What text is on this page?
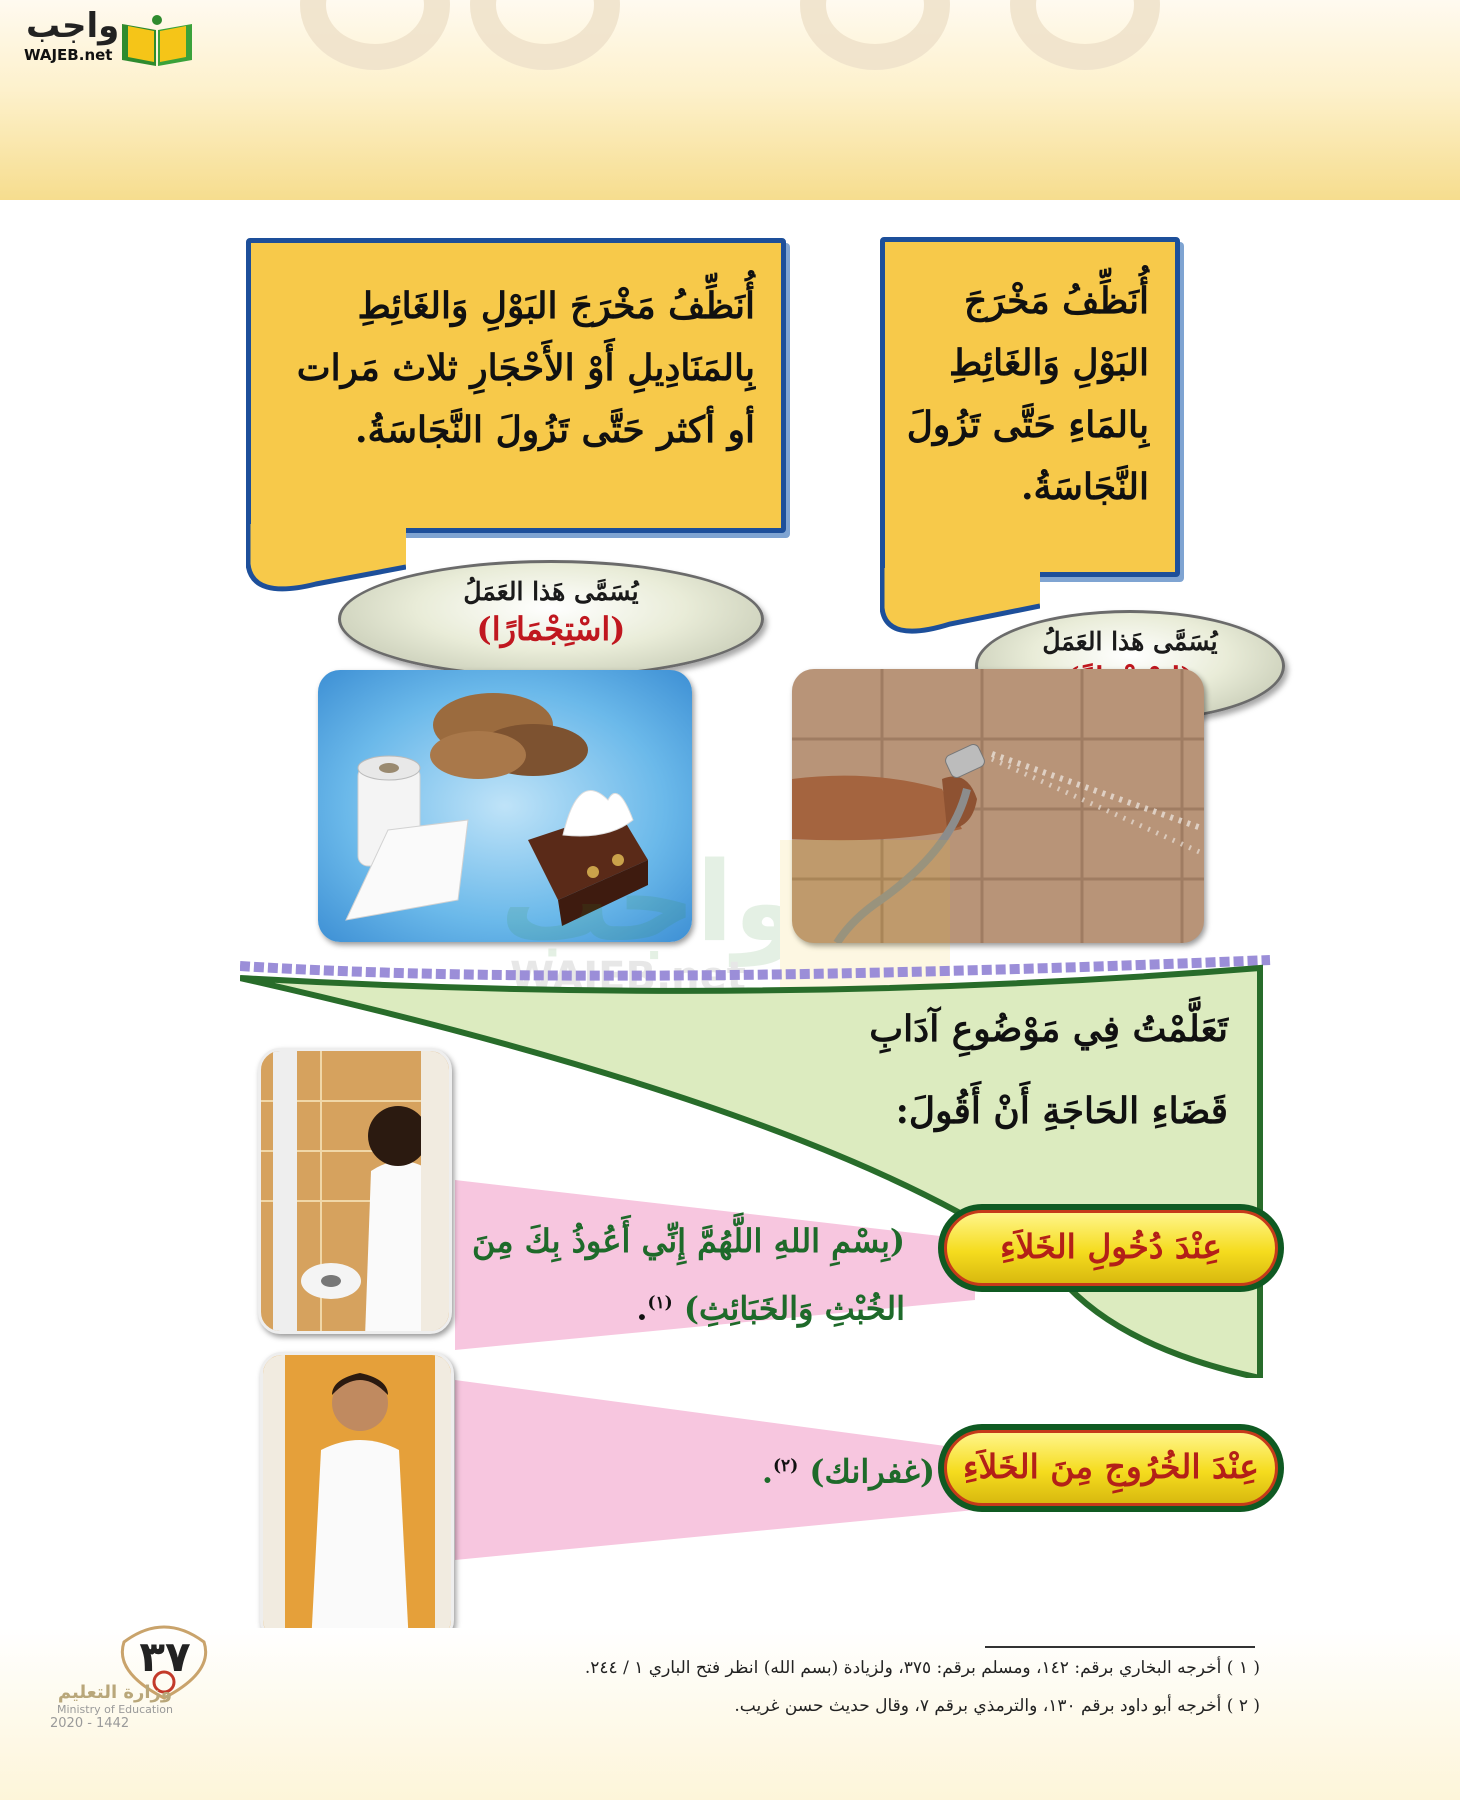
واجب
WAJEB.net

أُنَظِّفُ مَخْرَجَ البَوْلِ وَالغَائِطِ بِالمَاءِ حَتَّى تَزُولَ النَّجَاسَةُ.

أُنَظِّفُ مَخْرَجَ البَوْلِ وَالغَائِطِ بِالمَنَادِيلِ أَوْ الأَحْجَارِ ثلاث مَرات أو أكثر حَتَّى تَزُولَ النَّجَاسَةُ.

يُسَمَّى هَذا العَمَلُ
(اسْتِجْمَارًا)	يُسَمَّى هَذا العَمَلُ
WAJEB.net
تَعَلَّمْتُ فِي مَوْضُوعِ آدَابِ
قَضَاءِ الحَاجَةِ أَنْ أَقُولَ:
عِنْدَ دُخُولِ الخَلاَءِ
عِنْدَ الخُرُوجِ مِنَ الخَلاَءِ
(بِسْمِ اللهِ اللَّهُمَّ إِنِّي أَعُوذُ بِكَ مِنَ
الخُبْثِ وَالخَبَائِثِ) $^{(١)}$.
(غفرانك) $^{(٢)}$.
٣٧
وزارة التعليم
Ministry of Education
2020 - 1442
( ١ ) أخرجه البخاري برقم: ١٤٢، ومسلم برقم: ٣٧٥، ولزيادة (بسم الله) انظر فتح الباري ١ / ٢٤٤.
( ٢ ) أخرجه أبو داود برقم ١٣٠، والترمذي برقم ٧، وقال حديث حسن غريب.
